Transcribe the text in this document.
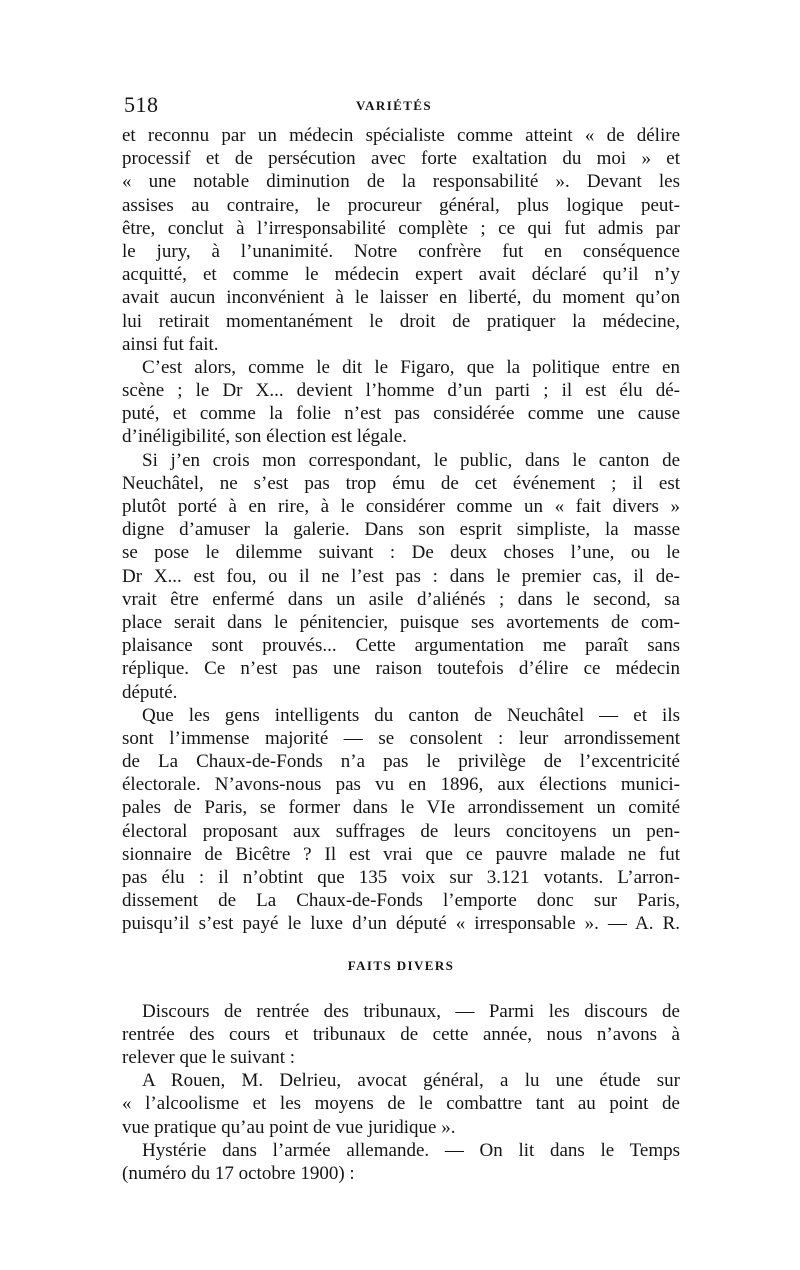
518	VARIÉTÉS
et reconnu par un médecin spécialiste comme atteint « de délire
processif et de persécution avec forte exaltation du moi » et
« une notable diminution de la responsabilité ». Devant les
assises au contraire, le procureur général, plus logique peut-
être, conclut à l’irresponsabilité complète ; ce qui fut admis par
le jury, à l’unanimité. Notre confrère fut en conséquence
acquitté, et comme le médecin expert avait déclaré qu’il n’y
avait aucun inconvénient à le laisser en liberté, du moment qu’on
lui retirait momentanément le droit de pratiquer la médecine,
ainsi fut fait.
C’est alors, comme le dit le Figaro, que la politique entre en
scène ; le Dr X... devient l’homme d’un parti ; il est élu dé-
puté, et comme la folie n’est pas considérée comme une cause
d’inéligibilité, son élection est légale.
Si j’en crois mon correspondant, le public, dans le canton de
Neuchâtel, ne s’est pas trop ému de cet événement ; il est
plutôt porté à en rire, à le considérer comme un « fait divers »
digne d’amuser la galerie. Dans son esprit simpliste, la masse
se pose le dilemme suivant : De deux choses l’une, ou le
Dr X... est fou, ou il ne l’est pas : dans le premier cas, il de-
vrait être enfermé dans un asile d’aliénés ; dans le second, sa
place serait dans le pénitencier, puisque ses avortements de com-
plaisance sont prouvés... Cette argumentation me paraît sans
réplique. Ce n’est pas une raison toutefois d’élire ce médecin
député.
Que les gens intelligents du canton de Neuchâtel — et ils
sont l’immense majorité — se consolent : leur arrondissement
de La Chaux-de-Fonds n’a pas le privilège de l’excentricité
électorale. N’avons-nous pas vu en 1896, aux élections munici-
pales de Paris, se former dans le VIe arrondissement un comité
électoral proposant aux suffrages de leurs concitoyens un pen-
sionnaire de Bicêtre ? Il est vrai que ce pauvre malade ne fut
pas élu : il n’obtint que 135 voix sur 3.121 votants. L’arron-
dissement de La Chaux-de-Fonds l’emporte donc sur Paris,
puisqu’il s’est payé le luxe d’un député « irresponsable ». — A. R.
FAITS DIVERS
Discours de rentrée des tribunaux, — Parmi les discours de
rentrée des cours et tribunaux de cette année, nous n’avons à
relever que le suivant :
A Rouen, M. Delrieu, avocat général, a lu une étude sur
« l’alcoolisme et les moyens de le combattre tant au point de
vue pratique qu’au point de vue juridique ».
Hystérie dans l’armée allemande. — On lit dans le Temps
(numéro du 17 octobre 1900) :
